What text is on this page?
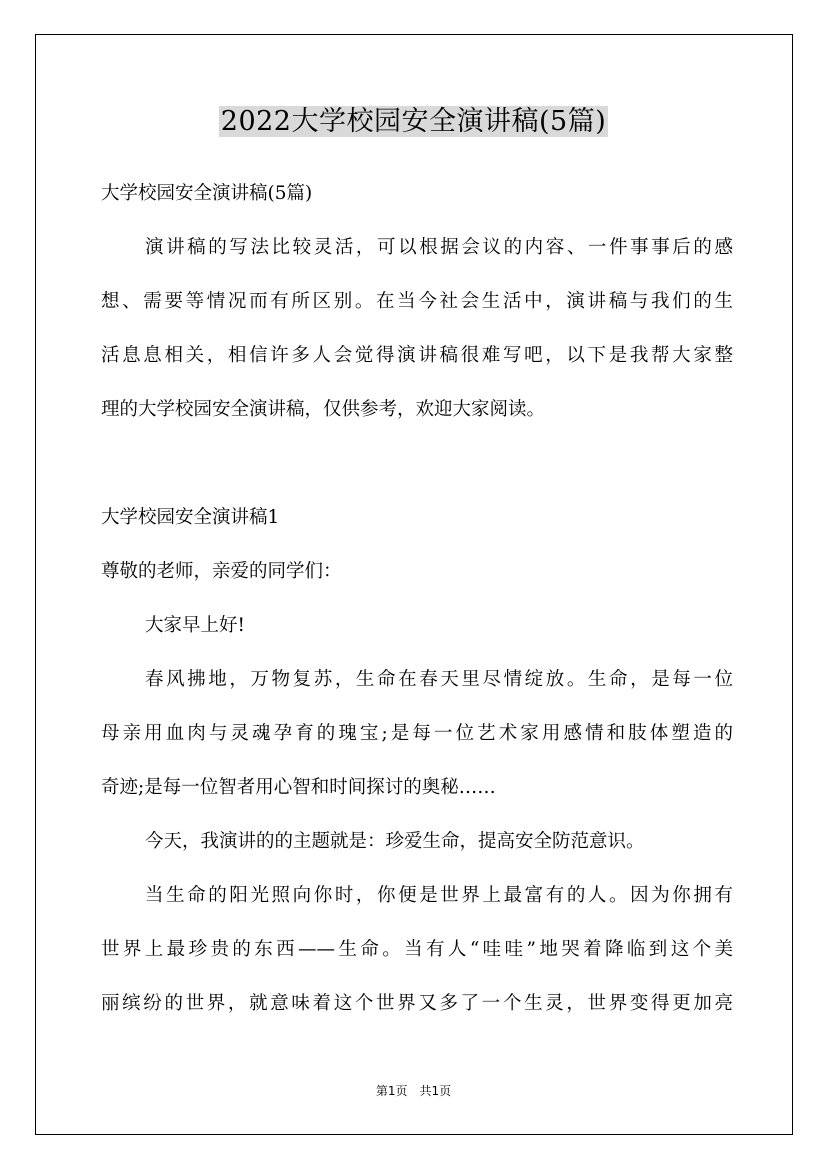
2022大学校园安全演讲稿(5篇)
大学校园安全演讲稿(5篇)
演讲稿的写法比较灵活，可以根据会议的内容、一件事事后的感
想、需要等情况而有所区别。在当今社会生活中，演讲稿与我们的生
活息息相关，相信许多人会觉得演讲稿很难写吧，以下是我帮大家整
理的大学校园安全演讲稿，仅供参考，欢迎大家阅读。
大学校园安全演讲稿1
尊敬的老师，亲爱的同学们：
大家早上好!
春风拂地，万物复苏，生命在春天里尽情绽放。生命，是每一位
母亲用血肉与灵魂孕育的瑰宝;是每一位艺术家用感情和肢体塑造的
奇迹;是每一位智者用心智和时间探讨的奥秘……
今天，我演讲的的主题就是：珍爱生命，提高安全防范意识。
当生命的阳光照向你时，你便是世界上最富有的人。因为你拥有
世界上最珍贵的东西——生命。当有人“哇哇”地哭着降临到这个美
丽缤纷的世界，就意味着这个世界又多了一个生灵，世界变得更加亮
第1页 共1页
